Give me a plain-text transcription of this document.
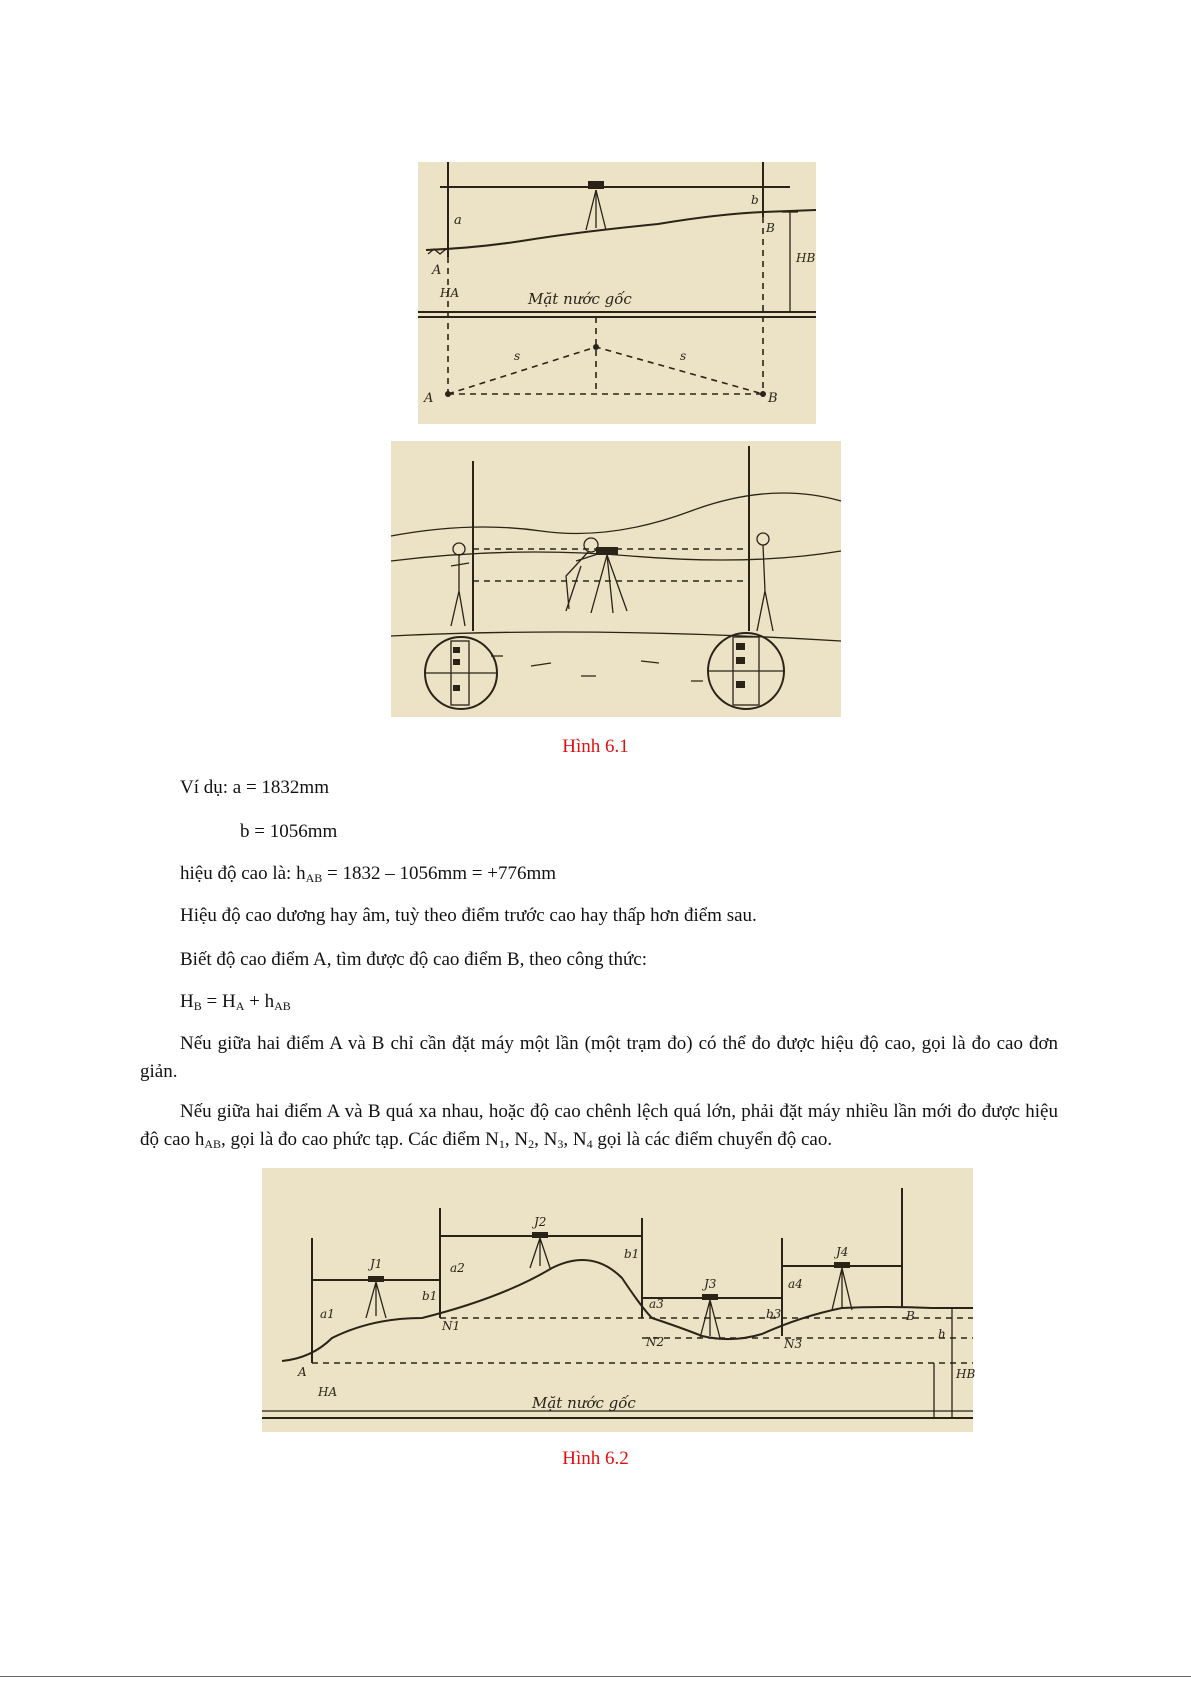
a
b
A
B
HA
HB
Mặt nước gốc
A	B
s	s
Hình 6.1
Ví dụ: a = 1832mm
b = 1056mm
hiệu độ cao là: $h_{AB} = 1832 - 1056mm = +776mm$
Hiệu độ cao dương hay âm, tuỳ theo điểm trước cao hay thấp hơn điểm sau.
Biết độ cao điểm A, tìm được độ cao điểm B, theo công thức:
$H_B = H_A + h_{AB}$
Nếu giữa hai điểm A và B chỉ cần đặt máy một lần (một trạm đo) có thể đo được hiệu độ cao, gọi là đo cao đơn giản.
Nếu giữa hai điểm A và B quá xa nhau, hoặc độ cao chênh lệch quá lớn, phải đặt máy nhiều lần mới đo được hiệu độ cao $h_{AB}$, gọi là đo cao phức tạp. Các điểm $N_1$, $N_2$, $N_3$, $N_4$ gọi là các điểm chuyển độ cao.
a1
a2
a3
a4
b1
b1
b3
J1
J2
J3
J4
N1
N2	N3
A
B
h
HA
HB
Mặt nước gốc
Hình 6.2
